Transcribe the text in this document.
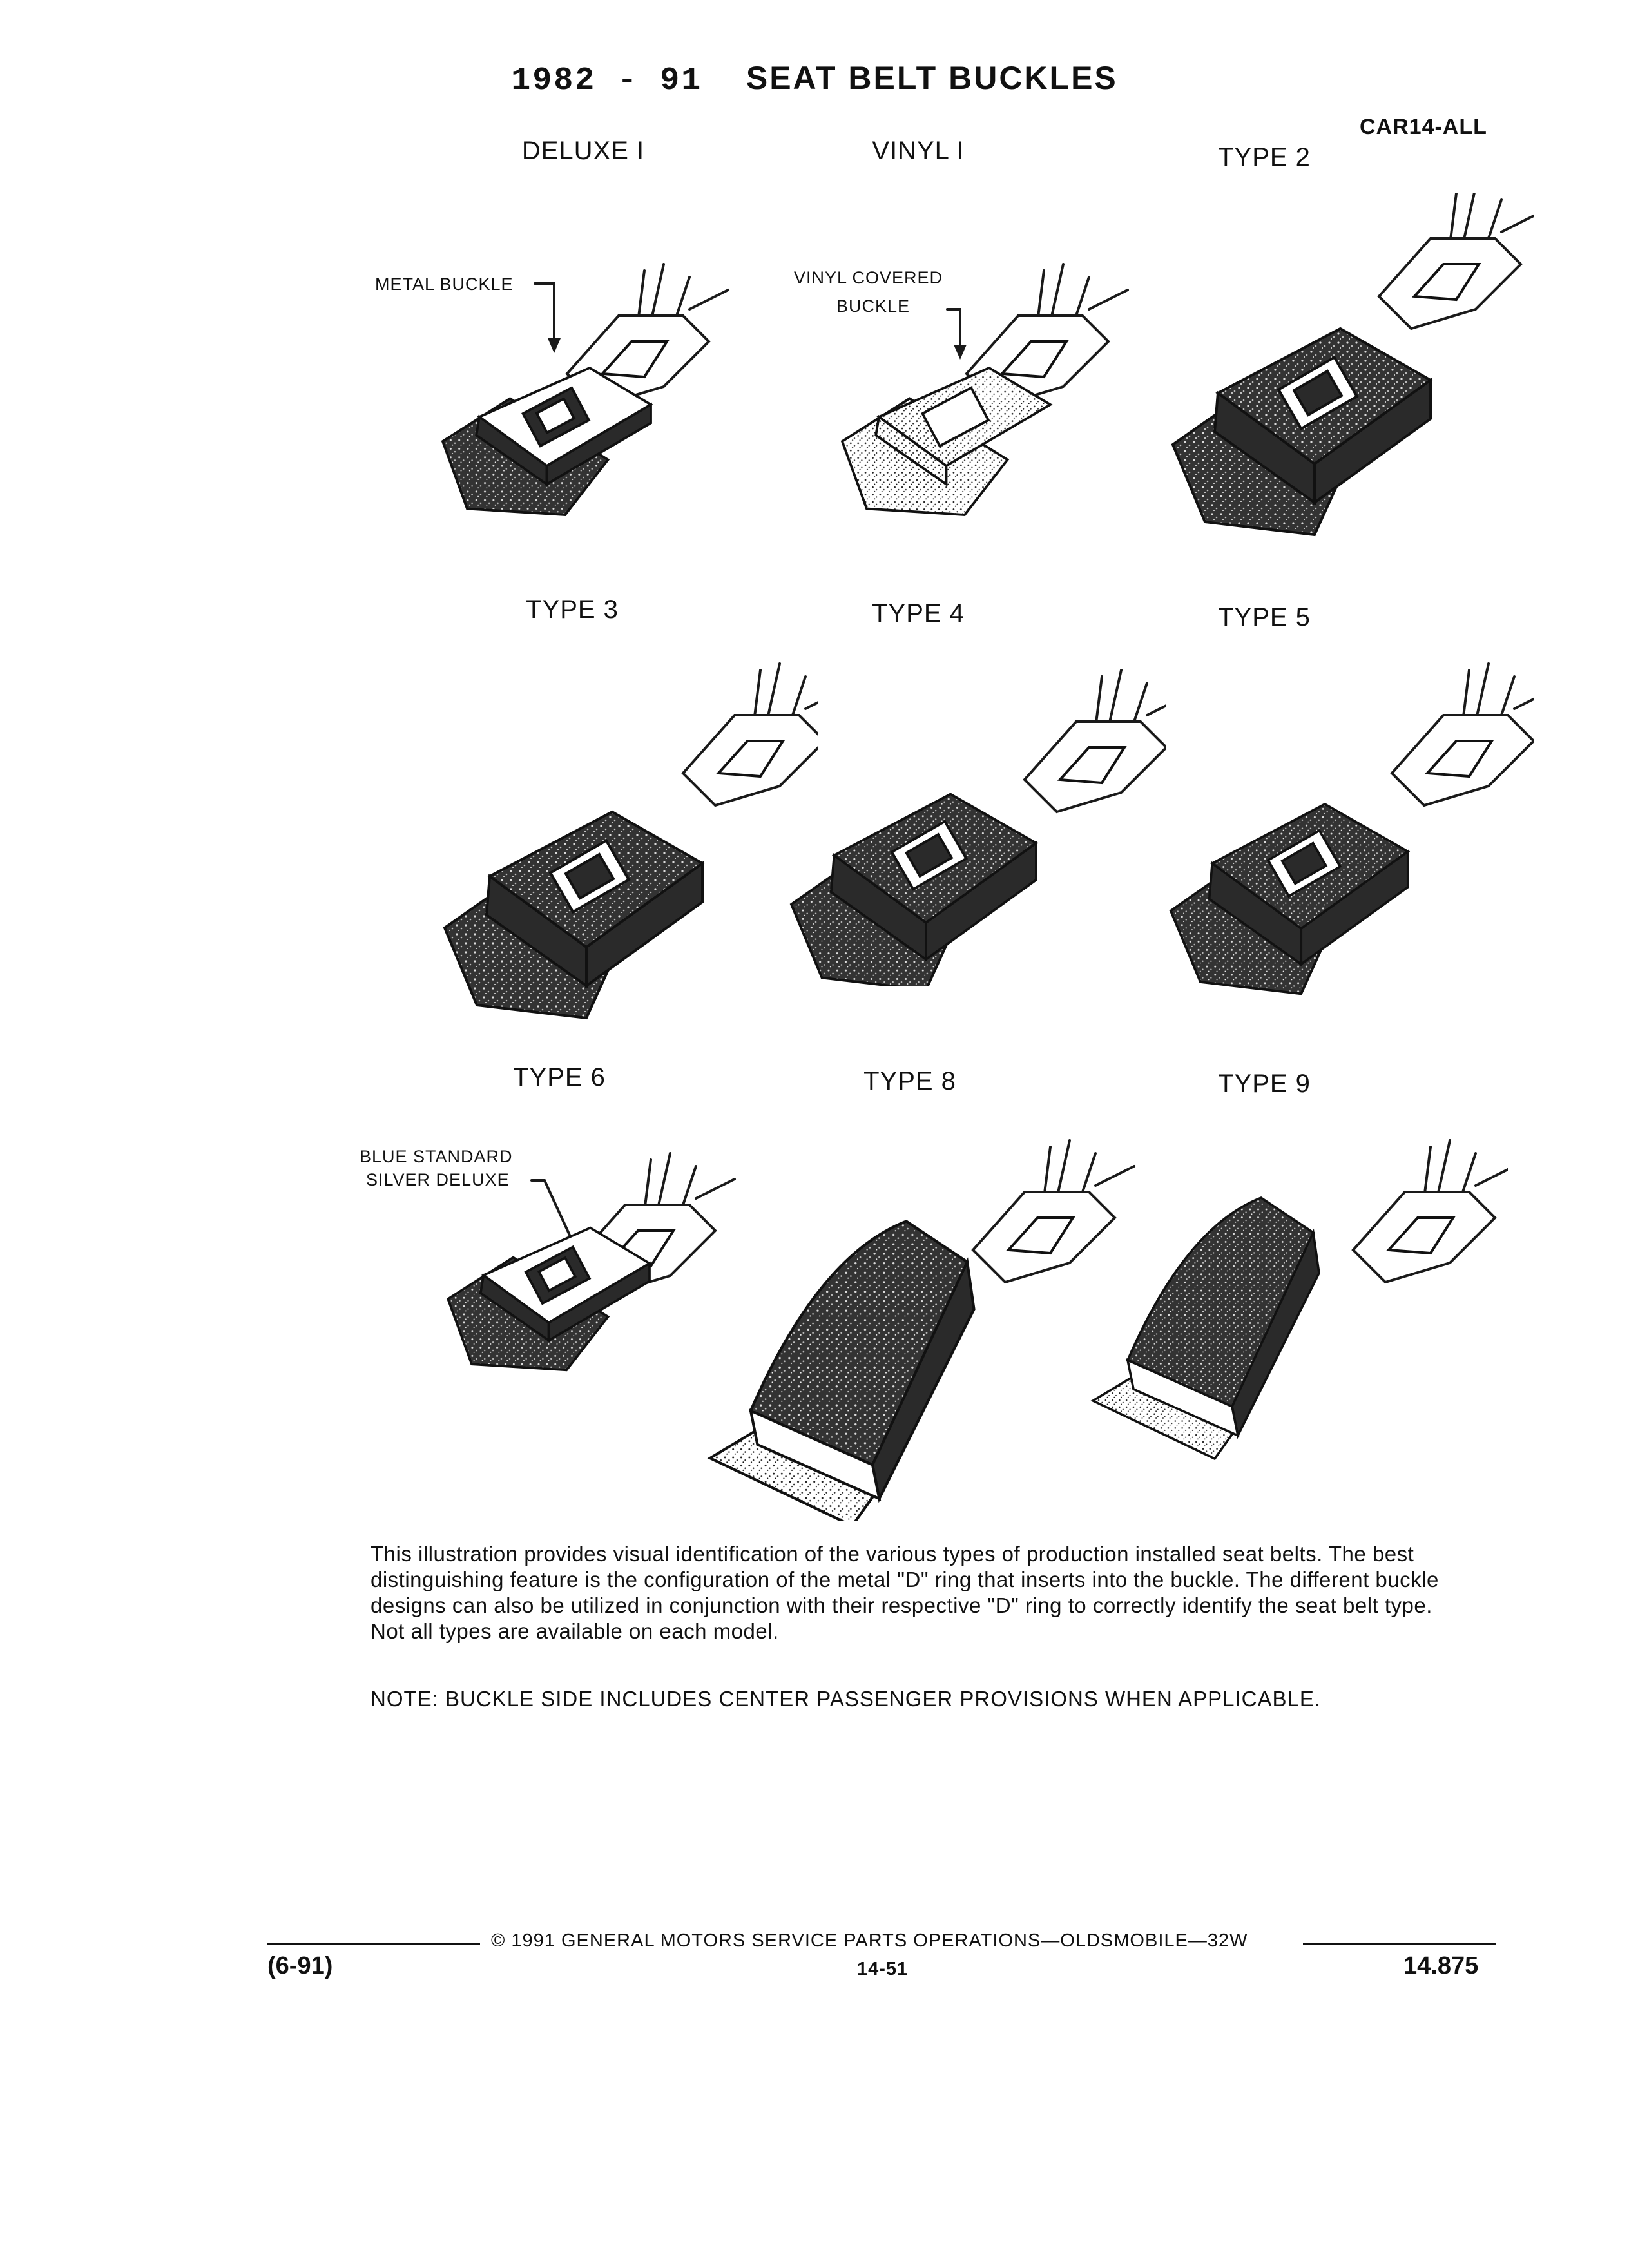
1982 - 91 SEAT BELT BUCKLES
CAR14-ALL
DELUXE I	VINYL I	TYPE 2
METAL BUCKLE	VINYL COVERED
BUCKLE
TYPE 3	TYPE 4	TYPE 5
TYPE 6	TYPE 8	TYPE 9
BLUE STANDARD
SILVER DELUXE
This illustration provides visual identification of the various types of production installed seat belts. The best distinguishing feature is the configuration of the metal "D" ring that inserts into the buckle. The different buckle designs can also be utilized in conjunction with their respective "D" ring to correctly identify the seat belt type. Not all types are available on each model.
NOTE: BUCKLE SIDE INCLUDES CENTER PASSENGER PROVISIONS WHEN APPLICABLE.
© 1991 GENERAL MOTORS SERVICE PARTS OPERATIONS—OLDSMOBILE—32W
(6-91)	14-51	14.875
